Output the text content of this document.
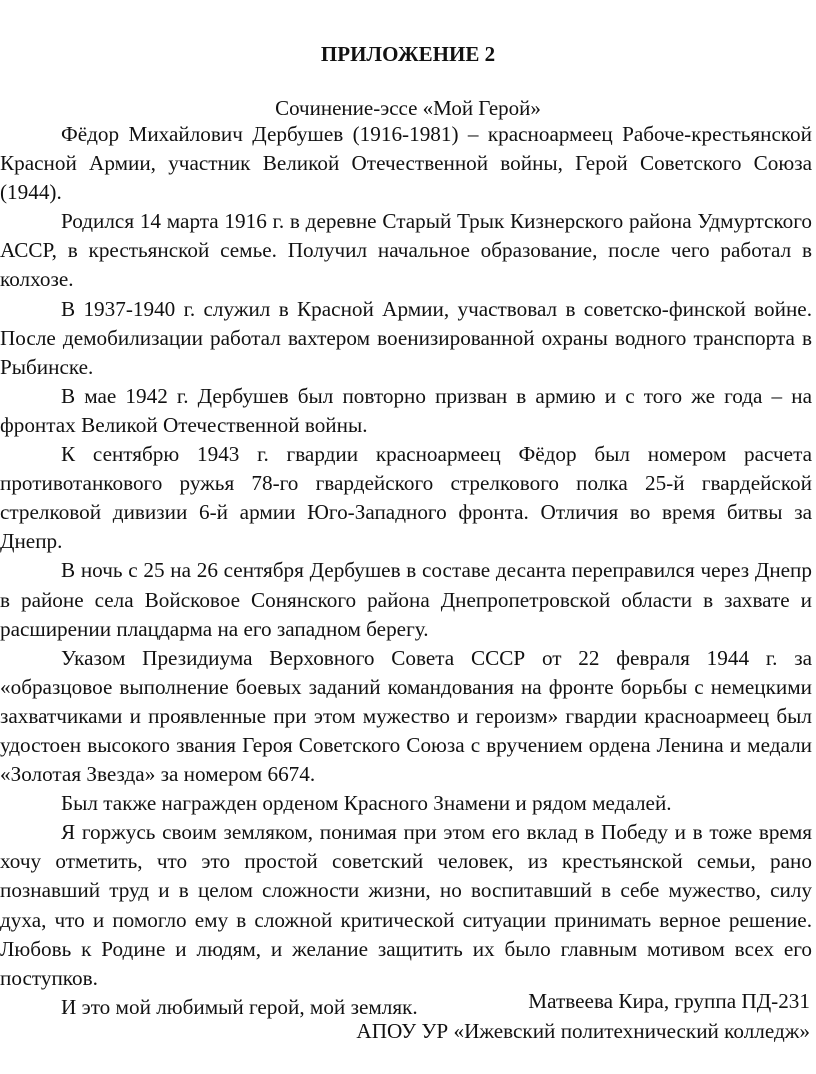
ПРИЛОЖЕНИЕ 2
Сочинение-эссе «Мой Герой»

Фёдор Михайлович Дербушев (1916-1981) – красноармеец Рабоче-крестьянской Красной Армии, участник Великой Отечественной войны, Герой Советского Союза (1944).

Родился 14 марта 1916 г. в деревне Старый Трык Кизнерского района Удмуртского АССР, в крестьянской семье. Получил начальное образование, после чего работал в колхозе.

В 1937-1940 г. служил в Красной Армии, участвовал в советско-финской войне. После демобилизации работал вахтером военизированной охраны водного транспорта в Рыбинске.

В мае 1942 г. Дербушев был повторно призван в армию и с того же года – на фронтах Великой Отечественной войны.

К сентябрю 1943 г. гвардии красноармеец Фёдор был номером расчета противотанкового ружья 78-го гвардейского стрелкового полка 25-й гвардейской стрелковой дивизии 6-й армии Юго-Западного фронта. Отличия во время битвы за Днепр.

В ночь с 25 на 26 сентября Дербушев в составе десанта переправился через Днепр в районе села Войсковое Сонянского района Днепропетровской области в захвате и расширении плацдарма на его западном берегу.

Указом Президиума Верховного Совета СССР от 22 февраля 1944 г. за «образцовое выполнение боевых заданий командования на фронте борьбы с немецкими захватчиками и проявленные при этом мужество и героизм» гвардии красноармеец был удостоен высокого звания Героя Советского Союза с вручением ордена Ленина и медали «Золотая Звезда» за номером 6674.

Был также награжден орденом Красного Знамени и рядом медалей.

Я горжусь своим земляком, понимая при этом его вклад в Победу и в тоже время хочу отметить, что это простой советский человек, из крестьянской семьи, рано познавший труд и в целом сложности жизни, но воспитавший в себе мужество, силу духа, что и помогло ему в сложной критической ситуации принимать верное решение. Любовь к Родине и людям, и желание защитить их было главным мотивом всех его поступков.

И это мой любимый герой, мой земляк.	Матвеева Кира, группа ПД-231
АПОУ УР «Ижевский политехнический колледж»
